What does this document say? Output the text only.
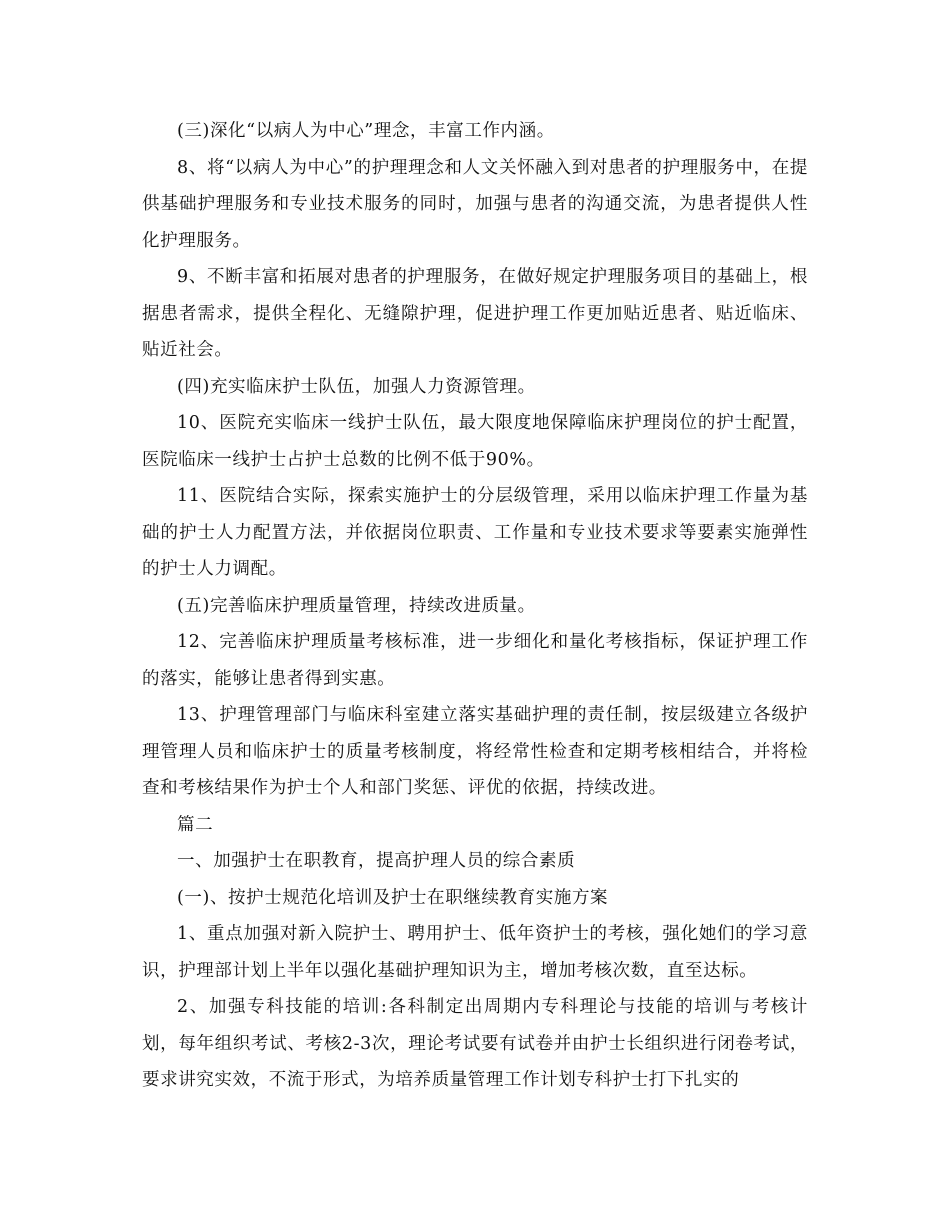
(三)深化“以病人为中心”理念，丰富工作内涵。

8、将“以病人为中心”的护理理念和人文关怀融入到对患者的护理服务中，在提供基础护理服务和专业技术服务的同时，加强与患者的沟通交流，为患者提供人性化护理服务。

9、不断丰富和拓展对患者的护理服务，在做好规定护理服务项目的基础上，根据患者需求，提供全程化、无缝隙护理，促进护理工作更加贴近患者、贴近临床、贴近社会。

(四)充实临床护士队伍，加强人力资源管理。

10、医院充实临床一线护士队伍，最大限度地保障临床护理岗位的护士配置，医院临床一线护士占护士总数的比例不低于90%。

11、医院结合实际，探索实施护士的分层级管理，采用以临床护理工作量为基础的护士人力配置方法，并依据岗位职责、工作量和专业技术要求等要素实施弹性的护士人力调配。

(五)完善临床护理质量管理，持续改进质量。

12、完善临床护理质量考核标准，进一步细化和量化考核指标，保证护理工作的落实，能够让患者得到实惠。

13、护理管理部门与临床科室建立落实基础护理的责任制，按层级建立各级护理管理人员和临床护士的质量考核制度，将经常性检查和定期考核相结合，并将检查和考核结果作为护士个人和部门奖惩、评优的依据，持续改进。

篇二

一、加强护士在职教育，提高护理人员的综合素质

(一)、按护士规范化培训及护士在职继续教育实施方案

1、重点加强对新入院护士、聘用护士、低年资护士的考核，强化她们的学习意识，护理部计划上半年以强化基础护理知识为主，增加考核次数，直至达标。

2、加强专科技能的培训:各科制定出周期内专科理论与技能的培训与考核计划，每年组织考试、考核2-3次，理论考试要有试卷并由护士长组织进行闭卷考试，要求讲究实效，不流于形式，为培养质量管理工作计划专科护士打下扎实的
